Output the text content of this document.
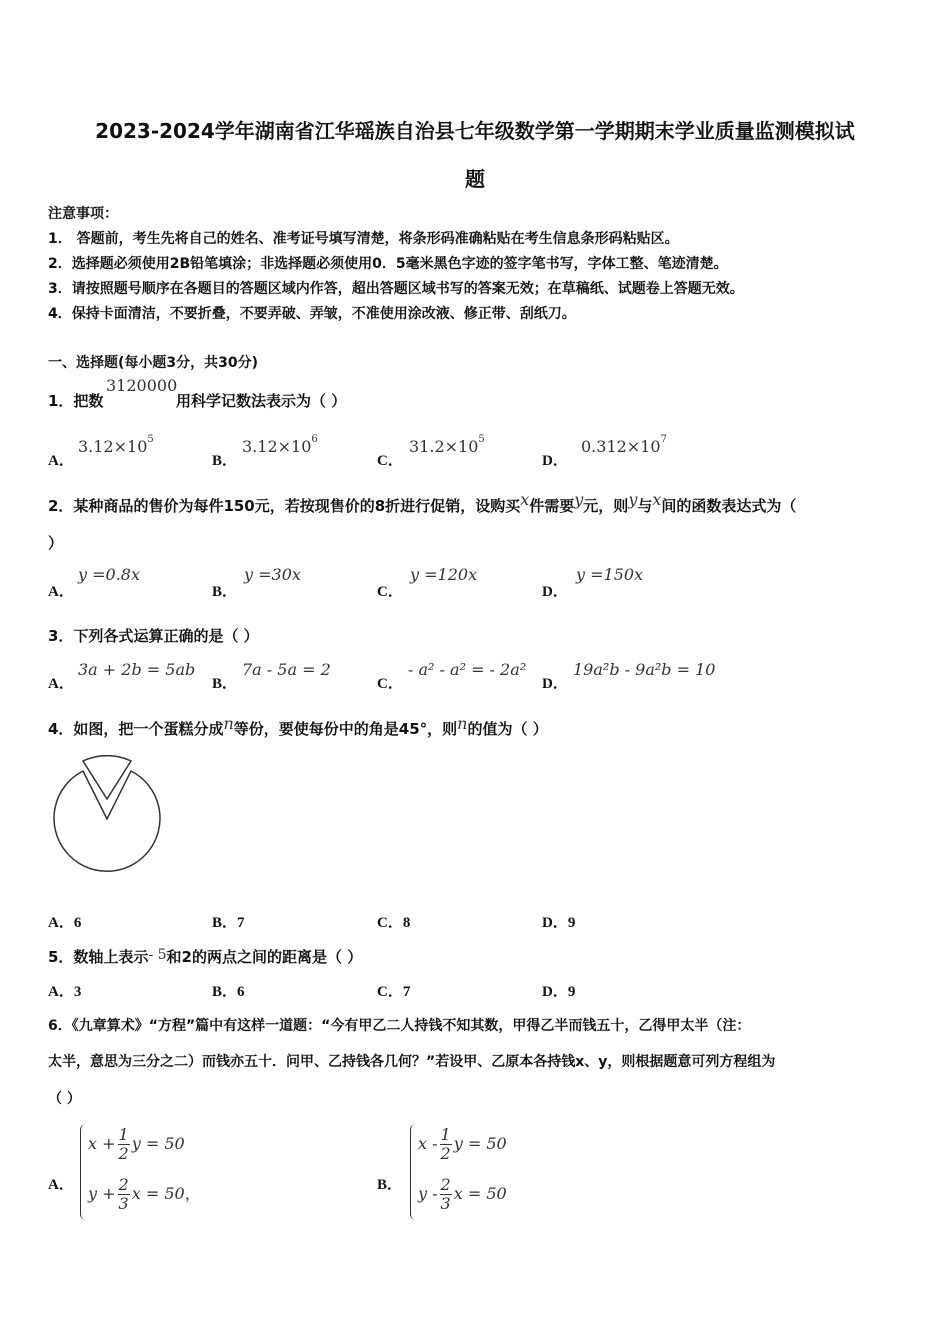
2023-2024学年湖南省江华瑶族自治县七年级数学第一学期期末学业质量监测模拟试
题
注意事项：
1． 答题前，考生先将自己的姓名、准考证号填写清楚，将条形码准确粘贴在考生信息条形码粘贴区。
2．选择题必须使用2B铅笔填涂；非选择题必须使用0．5毫米黑色字迹的签字笔书写，字体工整、笔迹清楚。
3．请按照题号顺序在各题目的答题区域内作答，超出答题区域书写的答案无效；在草稿纸、试题卷上答题无效。
4．保持卡面清洁，不要折叠，不要弄破、弄皱，不准使用涂改液、修正带、刮纸刀。
一、选择题(每小题3分，共30分)
1．把数
3120000
用科学记数法表示为（ ）
A．
$3.12\times 10^5$
B．
$3.12\times 10^6$
C．
$31.2\times 10^5$
D．
$0.312\times 10^7$
2．某种商品的售价为每件150元，若按现售价的8折进行促销，设购买x件需要y元，则y与x间的函数表达式为（
）
A．
y =0.8x
B．
y =30x
C．
y =120x
D．
y =150x
3．下列各式运算正确的是（ ）
A．
3a + 2b = 5ab
B．
7a - 5a = 2
C．
- a² - a² = - 2a²
D．
19a²b - 9a²b = 10
4．如图，把一个蛋糕分成n等份，要使每份中的角是45°，则n的值为（ ）
A．6	B．7	C．8	D．9
5．数轴上表示- 5和2的两点之间的距离是（ ）
A．3	B．6	C．7	D．9
6．《九章算术》“方程”篇中有这样一道题：“今有甲乙二人持钱不知其数，甲得乙半而钱五十，乙得甲太半（注：
太半，意思为三分之二）而钱亦五十．问甲、乙持钱各几何？”若设甲、乙原本各持钱x、y，则根据题意可列方程组为
（ ）
A．
$x + \frac{1}{2}$ y = 50
$y + \frac{2}{3}$ x = 50，	B．
x - $\frac{1}{2}$ y = 50
y - $\frac{2}{3}$ x = 50
